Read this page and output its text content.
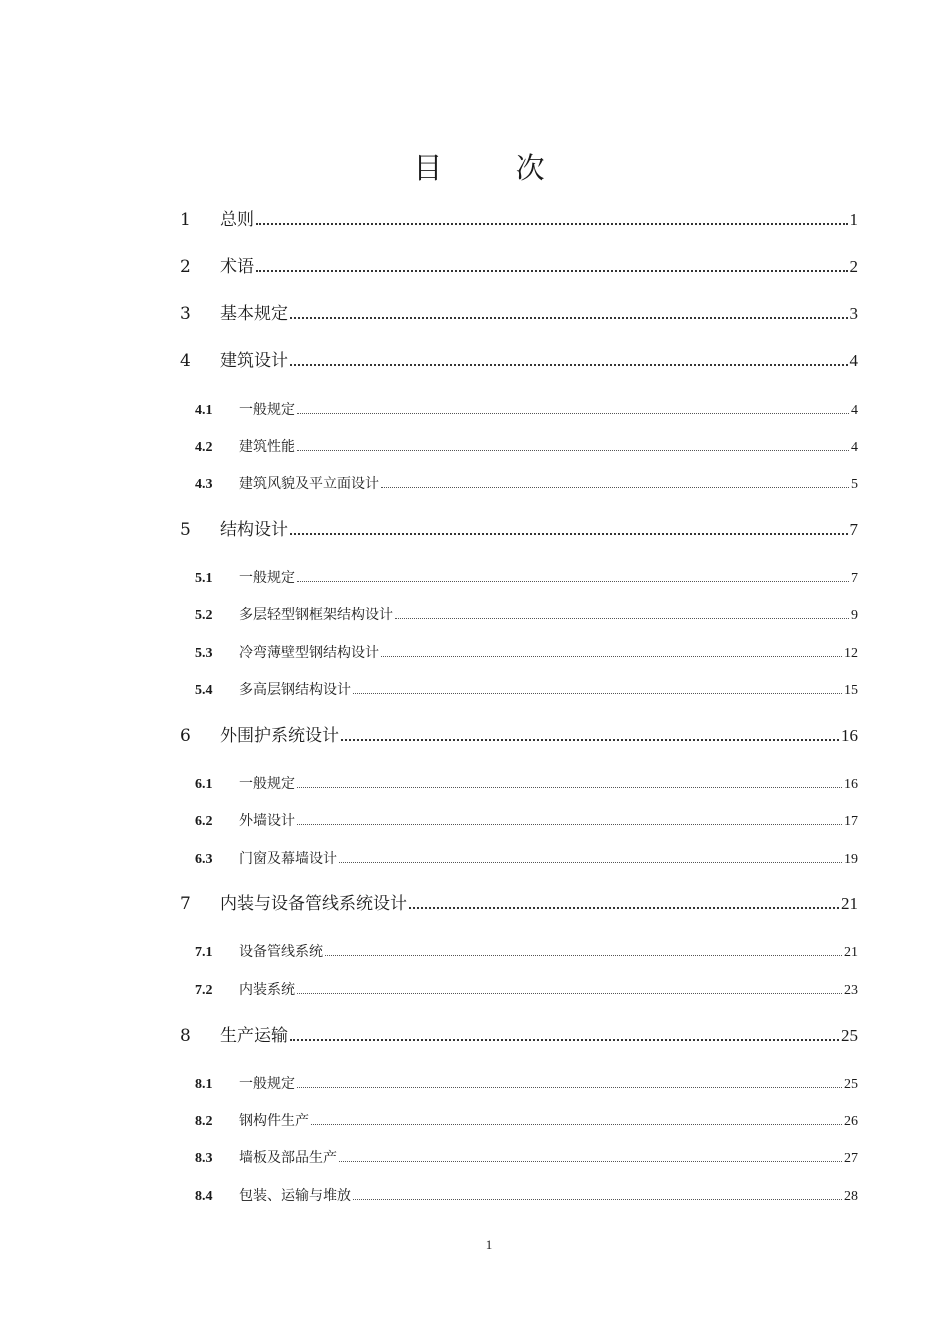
目 次
1	总则	1
2	术语	2
3	基本规定	3
4	建筑设计	4
4.1	一般规定	4
4.2	建筑性能	4
4.3	建筑风貌及平立面设计	5
5	结构设计	7
5.1	一般规定	7
5.2	多层轻型钢框架结构设计	9
5.3	冷弯薄壁型钢结构设计	12
5.4	多高层钢结构设计	15
6	外围护系统设计	16
6.1	一般规定	16
6.2	外墙设计	17
6.3	门窗及幕墙设计	19
7	内装与设备管线系统设计	21
7.1	设备管线系统	21
7.2	内装系统	23
8	生产运输	25
8.1	一般规定	25
8.2	钢构件生产	26
8.3	墙板及部品生产	27
8.4	包装、运输与堆放	28
1
